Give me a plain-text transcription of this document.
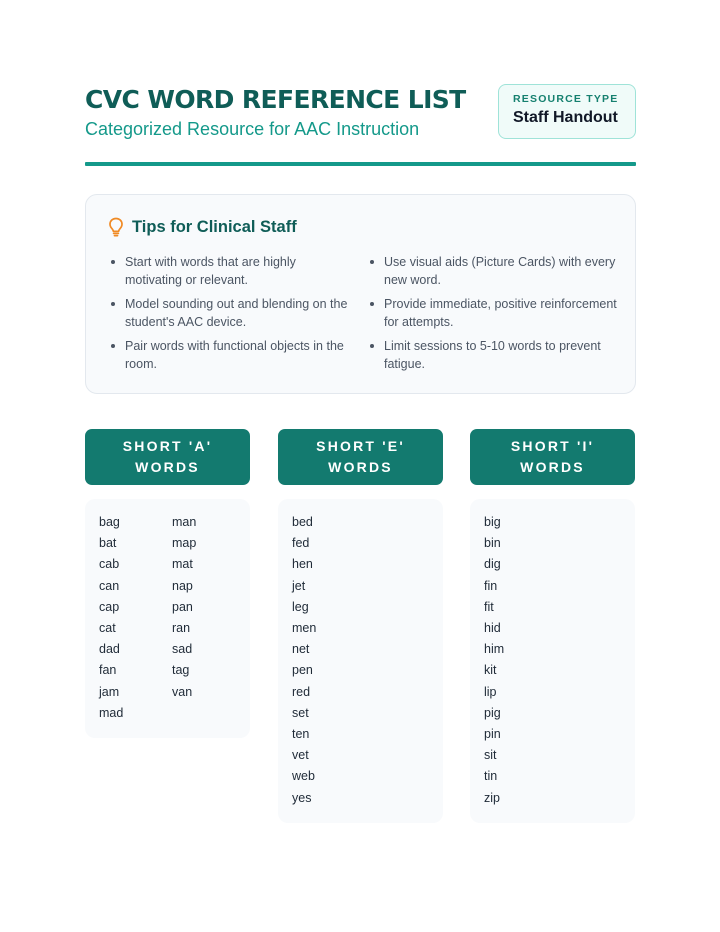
CVC WORD REFERENCE LIST
Categorized Resource for AAC Instruction
RESOURCE TYPE
Staff Handout
Tips for Clinical Staff
Start with words that are highly motivating or relevant.
Model sounding out and blending on the student's AAC device.
Pair words with functional objects in the room.
Use visual aids (Picture Cards) with every new word.
Provide immediate, positive reinforcement for attempts.
Limit sessions to 5-10 words to prevent fatigue.
SHORT 'A'
WORDS
bag
bat
cab
can
cap
cat
dad
fan
jam
mad
man
map
mat
nap
pan
ran
sad
tag
van
SHORT 'E'
WORDS
bed
fed
hen
jet
leg
men
net
pen
red
set
ten
vet
web
yes
SHORT 'I'
WORDS
big
bin
dig
fin
fit
hid
him
kit
lip
pig
pin
sit
tin
zip
